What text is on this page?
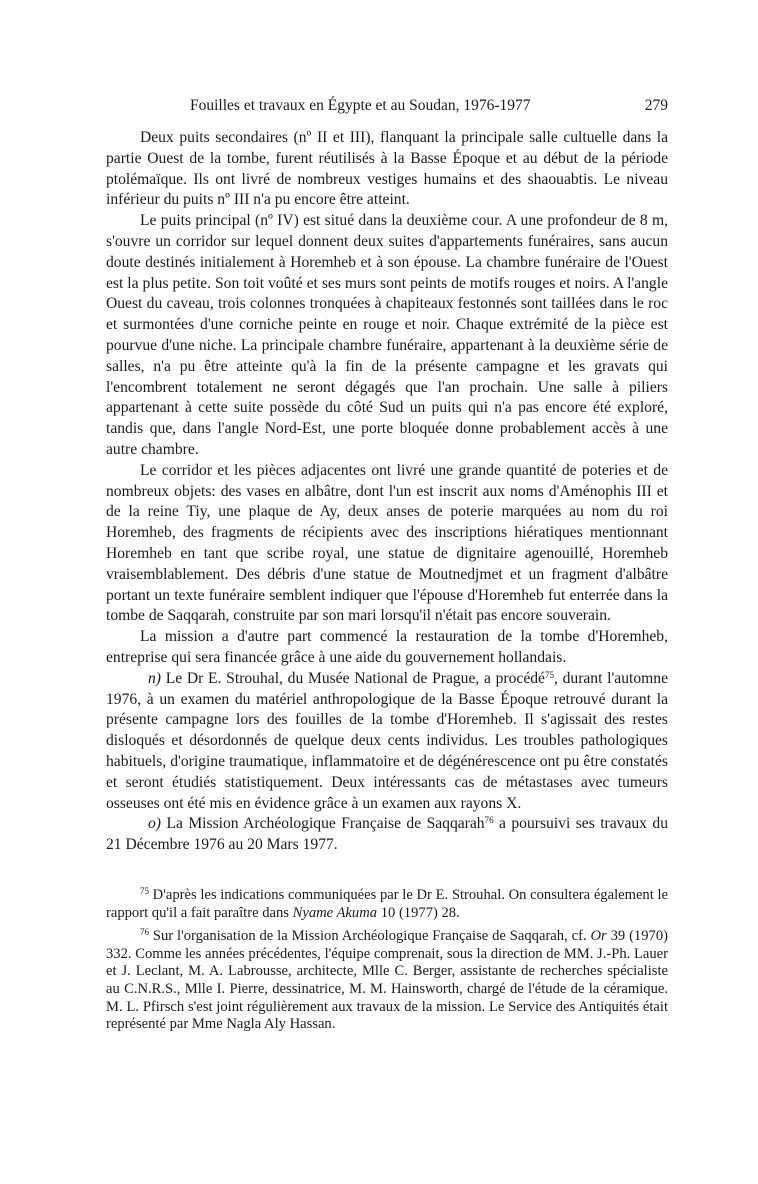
Fouilles et travaux en Égypte et au Soudan, 1976-1977	279

Deux puits secondaires (nº II et III), flanquant la principale salle cultuelle dans la partie Ouest de la tombe, furent réutilisés à la Basse Époque et au début de la période ptolémaïque. Ils ont livré de nombreux vestiges humains et des shaouabtis. Le niveau inférieur du puits nº III n'a pu encore être atteint.

Le puits principal (nº IV) est situé dans la deuxième cour. A une profondeur de 8 m, s'ouvre un corridor sur lequel donnent deux suites d'appartements funéraires, sans aucun doute destinés initialement à Horemheb et à son épouse. La chambre funéraire de l'Ouest est la plus petite. Son toit voûté et ses murs sont peints de motifs rouges et noirs. A l'angle Ouest du caveau, trois colonnes tronquées à chapiteaux festonnés sont taillées dans le roc et surmontées d'une corniche peinte en rouge et noir. Chaque extrémité de la pièce est pourvue d'une niche. La principale chambre funéraire, appartenant à la deuxième série de salles, n'a pu être atteinte qu'à la fin de la présente campagne et les gravats qui l'encombrent totalement ne seront dégagés que l'an prochain. Une salle à piliers appartenant à cette suite possède du côté Sud un puits qui n'a pas encore été exploré, tandis que, dans l'angle Nord-Est, une porte bloquée donne probablement accès à une autre chambre.

Le corridor et les pièces adjacentes ont livré une grande quantité de poteries et de nombreux objets: des vases en albâtre, dont l'un est inscrit aux noms d'Aménophis III et de la reine Tiy, une plaque de Ay, deux anses de poterie marquées au nom du roi Horemheb, des fragments de récipients avec des inscriptions hiératiques mentionnant Horemheb en tant que scribe royal, une statue de dignitaire agenouillé, Horemheb vraisemblablement. Des débris d'une statue de Moutnedjmet et un fragment d'albâtre portant un texte funéraire semblent indiquer que l'épouse d'Horemheb fut enterrée dans la tombe de Saqqarah, construite par son mari lorsqu'il n'était pas encore souverain.

La mission a d'autre part commencé la restauration de la tombe d'Horemheb, entreprise qui sera financée grâce à une aide du gouvernement hollandais.

n) Le Dr E. Strouhal, du Musée National de Prague, a procédé$^{75}$, durant l'automne 1976, à un examen du matériel anthropologique de la Basse Époque retrouvé durant la présente campagne lors des fouilles de la tombe d'Horemheb. Il s'agissait des restes disloqués et désordonnés de quelque deux cents individus. Les troubles pathologiques habituels, d'origine traumatique, inflammatoire et de dégénérescence ont pu être constatés et seront étudiés statistiquement. Deux intéressants cas de métastases avec tumeurs osseuses ont été mis en évidence grâce à un examen aux rayons X.

o) La Mission Archéologique Française de Saqqarah$^{76}$ a poursuivi ses travaux du 21 Décembre 1976 au 20 Mars 1977.

$^{75}$ D'après les indications communiquées par le Dr E. Strouhal. On consultera également le rapport qu'il a fait paraître dans Nyame Akuma 10 (1977) 28.

$^{76}$ Sur l'organisation de la Mission Archéologique Française de Saqqarah, cf. Or 39 (1970) 332. Comme les années précédentes, l'équipe comprenait, sous la direction de MM. J.-Ph. Lauer et J. Leclant, M. A. Labrousse, architecte, Mlle C. Berger, assistante de recherches spécialiste au C.N.R.S., Mlle I. Pierre, dessinatrice, M. M. Hainsworth, chargé de l'étude de la céramique. M. L. Pfirsch s'est joint régulièrement aux travaux de la mission. Le Service des Antiquités était représenté par Mme Nagla Aly Hassan.
